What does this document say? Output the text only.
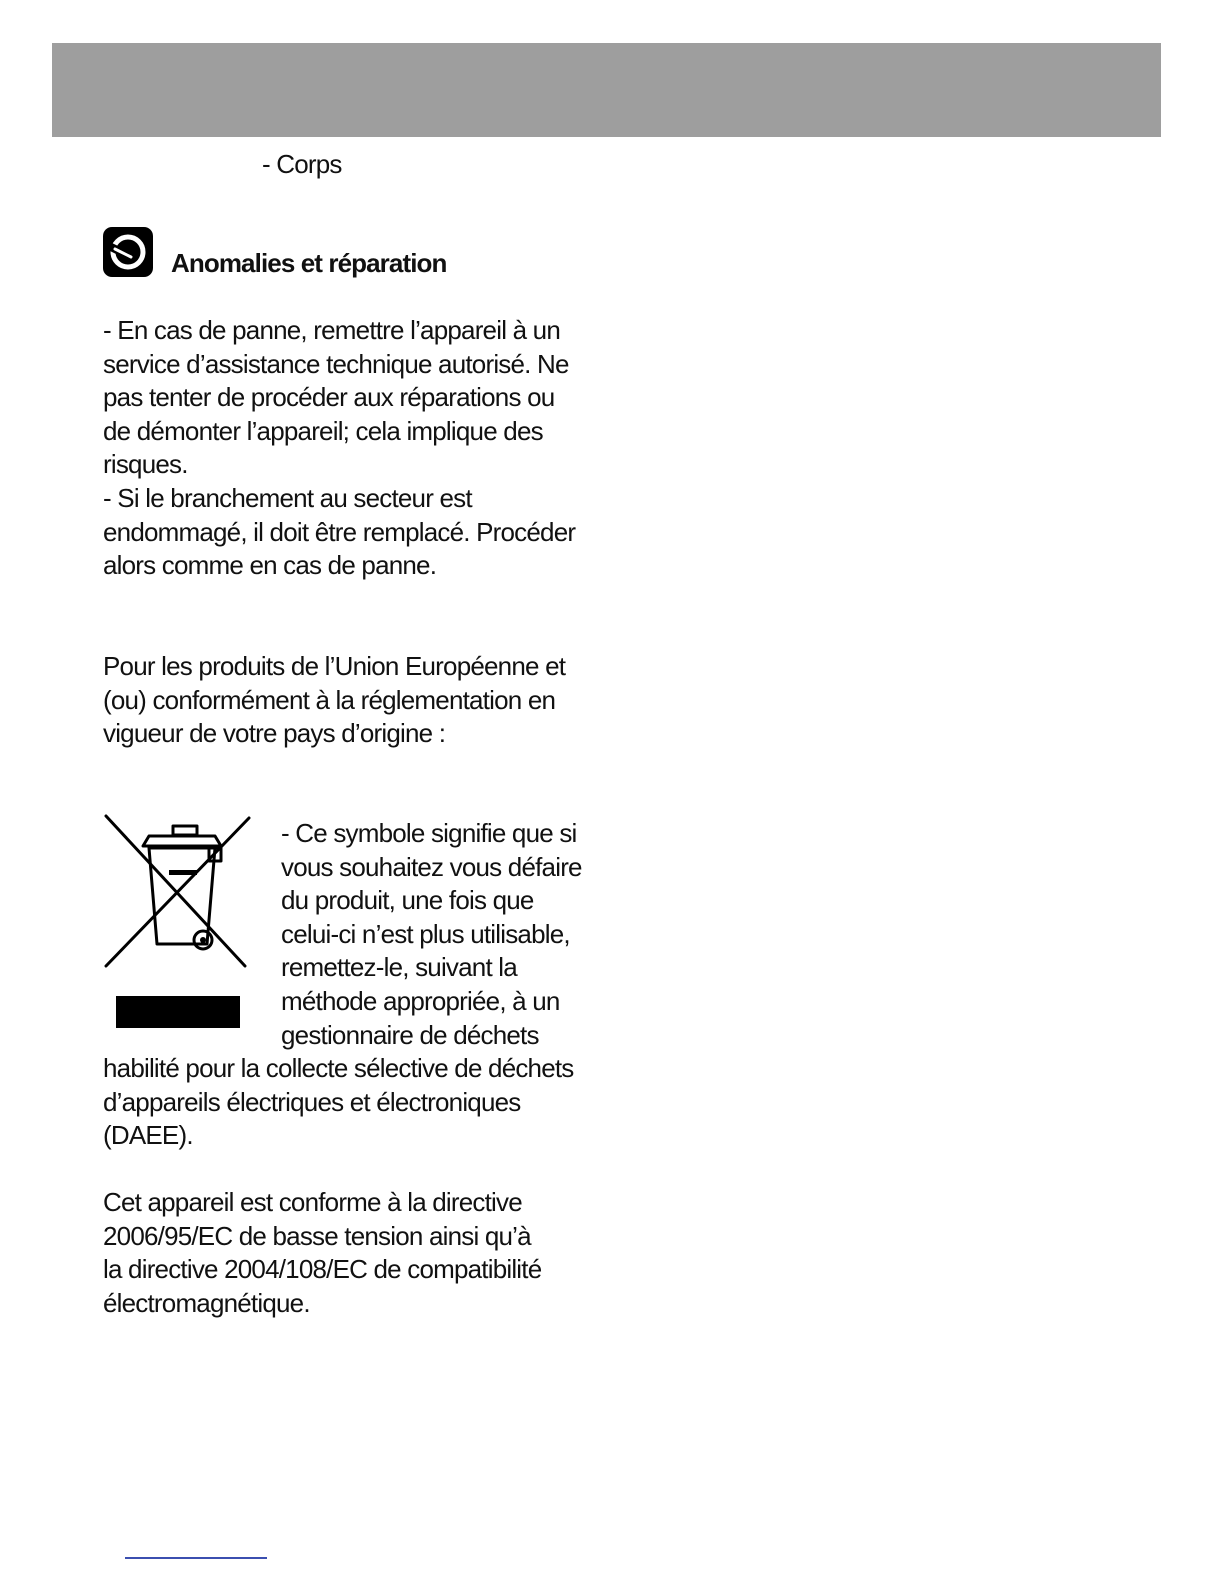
- Corps
Anomalies et réparation

- En cas de panne, remettre l’appareil à un

service d’assistance technique autorisé. Ne

pas tenter de procéder aux réparations ou

de démonter l’appareil; cela implique des

risques.

- Si le branchement au secteur est

endommagé, il doit être remplacé. Procéder

alors comme en cas de panne.

Pour les produits de l’Union Européenne et

(ou) conformément à la réglementation en

vigueur de votre pays d’origine :

- Ce symbole signifie que si

vous souhaitez vous défaire

du produit, une fois que

celui-ci n’est plus utilisable,

remettez-le, suivant la

méthode appropriée, à un

gestionnaire de déchets

habilité pour la collecte sélective de déchets

d’appareils électriques et électroniques

(DAEE).

Cet appareil est conforme à la directive

2006/95/EC de basse tension ainsi qu’à

la directive 2004/108/EC de compatibilité

électromagnétique.
